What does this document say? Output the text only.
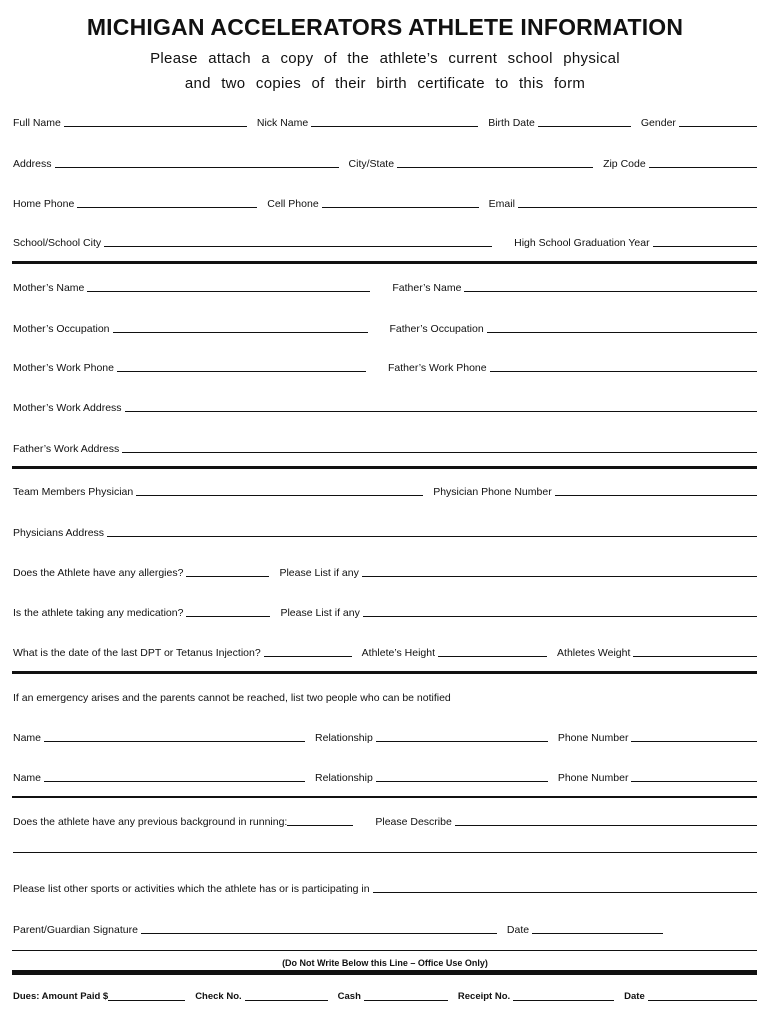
MICHIGAN ACCELERATORS ATHLETE INFORMATION
Please attach a copy of the athlete’s current school physical
and two copies of their birth certificate to this form
Full Name	Nick Name	Birth Date	Gender
Address	City/State	Zip Code
Home Phone	Cell Phone	Email
School/School City	High School Graduation Year
Mother’s Name	Father’s Name
Mother’s Occupation	Father’s Occupation
Mother’s Work Phone	Father’s Work Phone
Mother’s Work Address
Father’s Work Address
Team Members Physician	Physician Phone Number
Physicians Address
Does the Athlete have any allergies?	Please List if any
Is the athlete taking any medication?	Please List if any
What is the date of the last DPT or Tetanus Injection?	Athlete’s Height	Athletes Weight
If an emergency arises and the parents cannot be reached, list two people who can be notified
Name	Relationship	Phone Number
Name	Relationship	Phone Number
Does the athlete have any previous background in running:	Please Describe
Please list other sports or activities which the athlete has or is participating in
Parent/Guardian Signature	Date
(Do Not Write Below this Line – Office Use Only)
Dues: Amount Paid $	Check No.	Cash	Receipt No.	Date
